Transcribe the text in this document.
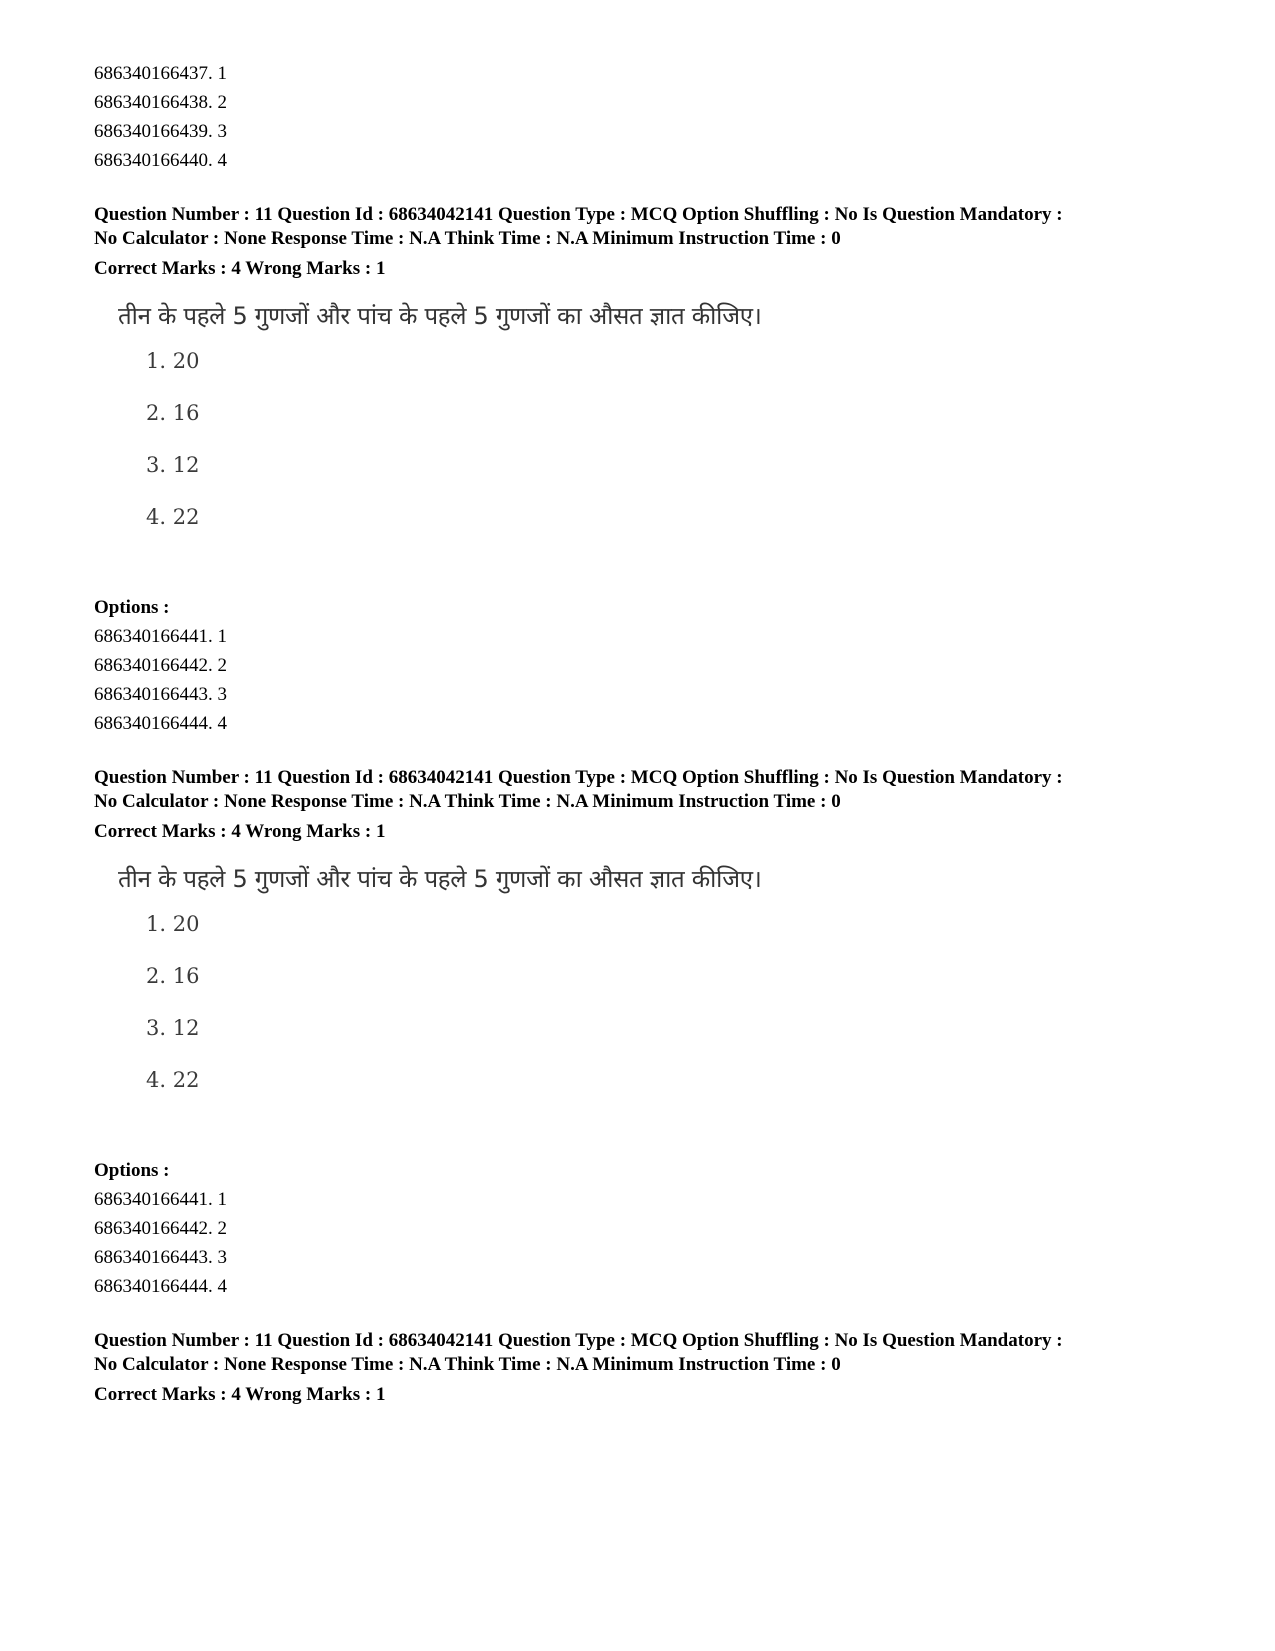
686340166437. 1
686340166438. 2
686340166439. 3
686340166440. 4
Question Number : 11 Question Id : 68634042141 Question Type : MCQ Option Shuffling : No Is Question Mandatory :
No Calculator : None Response Time : N.A Think Time : N.A Minimum Instruction Time : 0
Correct Marks : 4 Wrong Marks : 1
तीन के पहले 5 गुणजों और पांच के पहले 5 गुणजों का औसत ज्ञात कीजिए।
1. 20
2. 16
3. 12
4. 22
Options :
686340166441. 1
686340166442. 2
686340166443. 3
686340166444. 4
Question Number : 11 Question Id : 68634042141 Question Type : MCQ Option Shuffling : No Is Question Mandatory :
No Calculator : None Response Time : N.A Think Time : N.A Minimum Instruction Time : 0
Correct Marks : 4 Wrong Marks : 1
तीन के पहले 5 गुणजों और पांच के पहले 5 गुणजों का औसत ज्ञात कीजिए।
1. 20
2. 16
3. 12
4. 22
Options :
686340166441. 1
686340166442. 2
686340166443. 3
686340166444. 4
Question Number : 11 Question Id : 68634042141 Question Type : MCQ Option Shuffling : No Is Question Mandatory :
No Calculator : None Response Time : N.A Think Time : N.A Minimum Instruction Time : 0
Correct Marks : 4 Wrong Marks : 1
